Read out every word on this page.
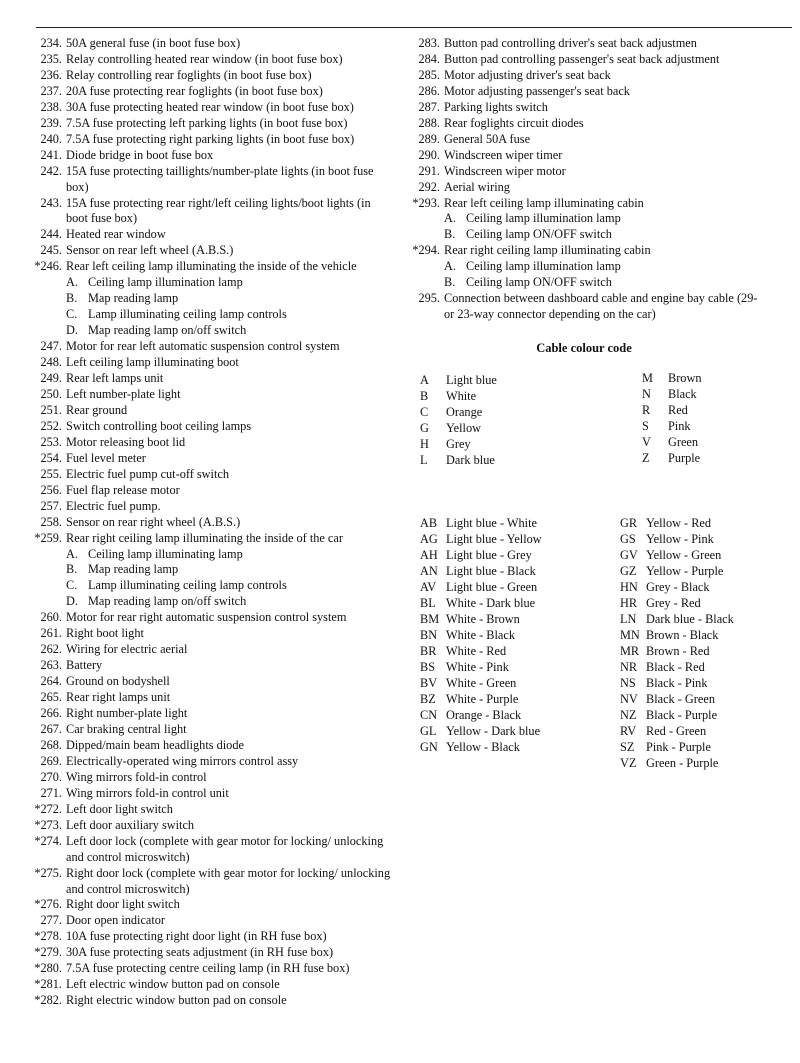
234. 50A general fuse (in boot fuse box)
235. Relay controlling heated rear window (in boot fuse box)
236. Relay controlling rear foglights (in boot fuse box)
237. 20A fuse protecting rear foglights (in boot fuse box)
238. 30A fuse protecting heated rear window (in boot fuse box)
239. 7.5A fuse protecting left parking lights (in boot fuse box)
240. 7.5A fuse protecting right parking lights (in boot fuse box)
241. Diode bridge in boot fuse box
242. 15A fuse protecting taillights/number-plate lights (in boot fuse box)
243. 15A fuse protecting rear right/left ceiling lights/boot lights (in boot fuse box)
244. Heated rear window
245. Sensor on rear left wheel (A.B.S.)
*246. Rear left ceiling lamp illuminating the inside of the vehicle
A. Ceiling lamp illumination lamp
B. Map reading lamp
C. Lamp illuminating ceiling lamp controls
D. Map reading lamp on/off switch
247. Motor for rear left automatic suspension control system
248. Left ceiling lamp illuminating boot
249. Rear left lamps unit
250. Left number-plate light
251. Rear ground
252. Switch controlling boot ceiling lamps
253. Motor releasing boot lid
254. Fuel level meter
255. Electric fuel pump cut-off switch
256. Fuel flap release motor
257. Electric fuel pump.
258. Sensor on rear right wheel (A.B.S.)
*259. Rear right ceiling lamp illuminating the inside of the car
A. Ceiling lamp illuminating lamp
B. Map reading lamp
C. Lamp illuminating ceiling lamp controls
D. Map reading lamp on/off switch
260. Motor for rear right automatic suspension control system
261. Right boot light
262. Wiring for electric aerial
263. Battery
264. Ground on bodyshell
265. Rear right lamps unit
266. Right number-plate light
267. Car braking central light
268. Dipped/main beam headlights diode
269. Electrically-operated wing mirrors control assy
270. Wing mirrors fold-in control
271. Wing mirrors fold-in control unit
*272. Left door light switch
*273. Left door auxiliary switch
*274. Left door lock (complete with gear motor for locking/ unlocking and control microswitch)
*275. Right door lock (complete with gear motor for locking/ unlocking and control microswitch)
*276. Right door light switch
277. Door open indicator
*278. 10A fuse protecting right door light (in RH fuse box)
*279. 30A fuse protecting seats adjustment (in RH fuse box)
*280. 7.5A fuse protecting centre ceiling lamp (in RH fuse box)
*281. Left electric window button pad on console
*282. Right electric window button pad on console
283. Button pad controlling driver's seat back adjustmen
284. Button pad controlling passenger's seat back adjustment
285. Motor adjusting driver's seat back
286. Motor adjusting passenger's seat back
287. Parking lights switch
288. Rear foglights circuit diodes
289. General 50A fuse
290. Windscreen wiper timer
291. Windscreen wiper motor
292. Aerial wiring
*293. Rear left ceiling lamp illuminating cabin
A. Ceiling lamp illumination lamp
B. Ceiling lamp ON/OFF switch
*294. Rear right ceiling lamp illuminating cabin
A. Ceiling lamp illumination lamp
B. Ceiling lamp ON/OFF switch
295. Connection between dashboard cable and engine bay cable (29- or 23-way connector depending on the car)
Cable colour code
A	Light blue
B	White
C	Orange
G	Yellow
H	Grey
L	Dark blue
M	Brown
N	Black
R	Red
S	Pink
V	Green
Z	Purple
AB Light blue - White
AG Light blue - Yellow
AH Light blue - Grey
AN Light blue - Black
AV Light blue - Green
BL White - Dark blue
BM White - Brown
BN White - Black
BR White - Red
BS White - Pink
BV White - Green
BZ White - Purple
CN Orange - Black
GL Yellow - Dark blue
GN Yellow - Black
GR Yellow - Red
GS Yellow - Pink
GV Yellow - Green
GZ Yellow - Purple
HN Grey - Black
HR Grey - Red
LN Dark blue - Black
MN Brown - Black
MR Brown - Red
NR Black - Red
NS Black - Pink
NV Black - Green
NZ Black - Purple
RV Red - Green
SZ Pink - Purple
VZ Green - Purple
